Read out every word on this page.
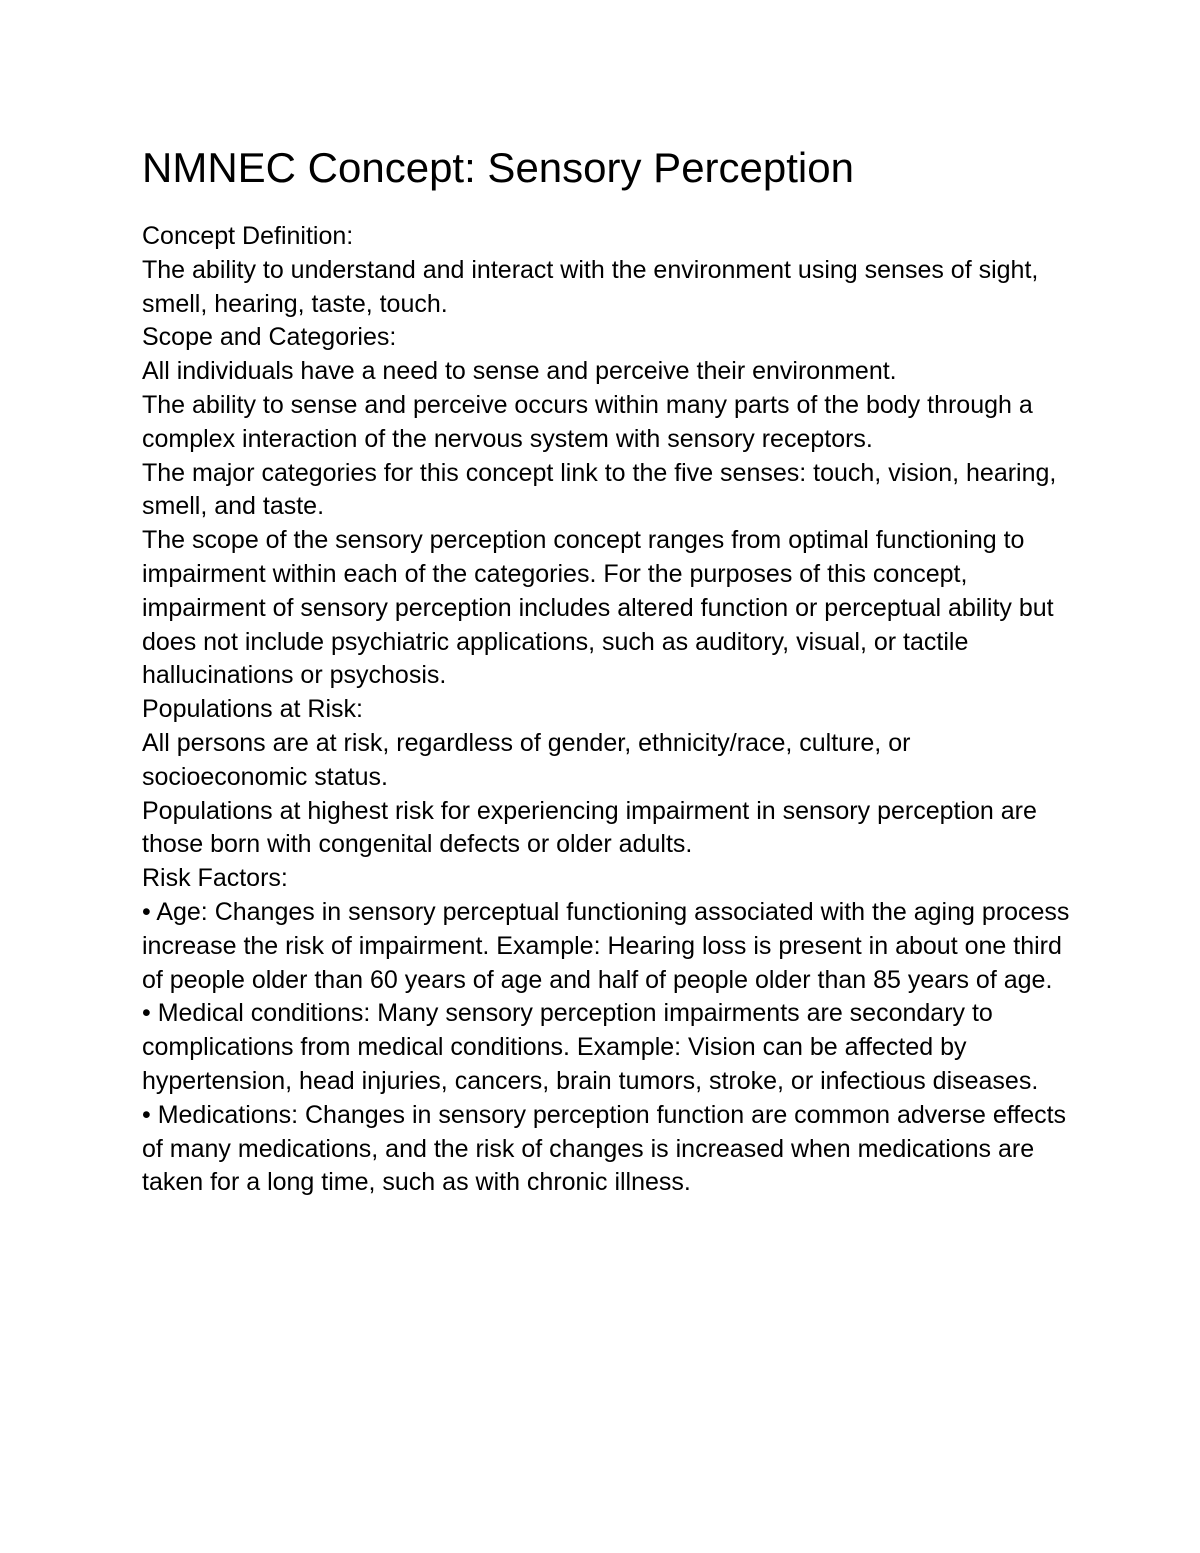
NMNEC Concept: Sensory Perception

Concept Definition:

The ability to understand and interact with the environment using senses of sight, smell, hearing, taste, touch.

Scope and Categories:

All individuals have a need to sense and perceive their environment.

The ability to sense and perceive occurs within many parts of the body through a complex interaction of the nervous system with sensory receptors.

The major categories for this concept link to the five senses: touch, vision, hearing, smell, and taste.

The scope of the sensory perception concept ranges from optimal functioning to impairment within each of the categories. For the purposes of this concept, impairment of sensory perception includes altered function or perceptual ability but does not include psychiatric applications, such as auditory, visual, or tactile hallucinations or psychosis.

Populations at Risk:

All persons are at risk, regardless of gender, ethnicity/race, culture, or socioeconomic status.

Populations at highest risk for experiencing impairment in sensory perception are those born with congenital defects or older adults.

Risk Factors:

• Age: Changes in sensory perceptual functioning associated with the aging process increase the risk of impairment. Example: Hearing loss is present in about one third of people older than 60 years of age and half of people older than 85 years of age.

• Medical conditions: Many sensory perception impairments are secondary to complications from medical conditions. Example: Vision can be affected by hypertension, head injuries, cancers, brain tumors, stroke, or infectious diseases.

• Medications: Changes in sensory perception function are common adverse effects of many medications, and the risk of changes is increased when medications are taken for a long time, such as with chronic illness.
